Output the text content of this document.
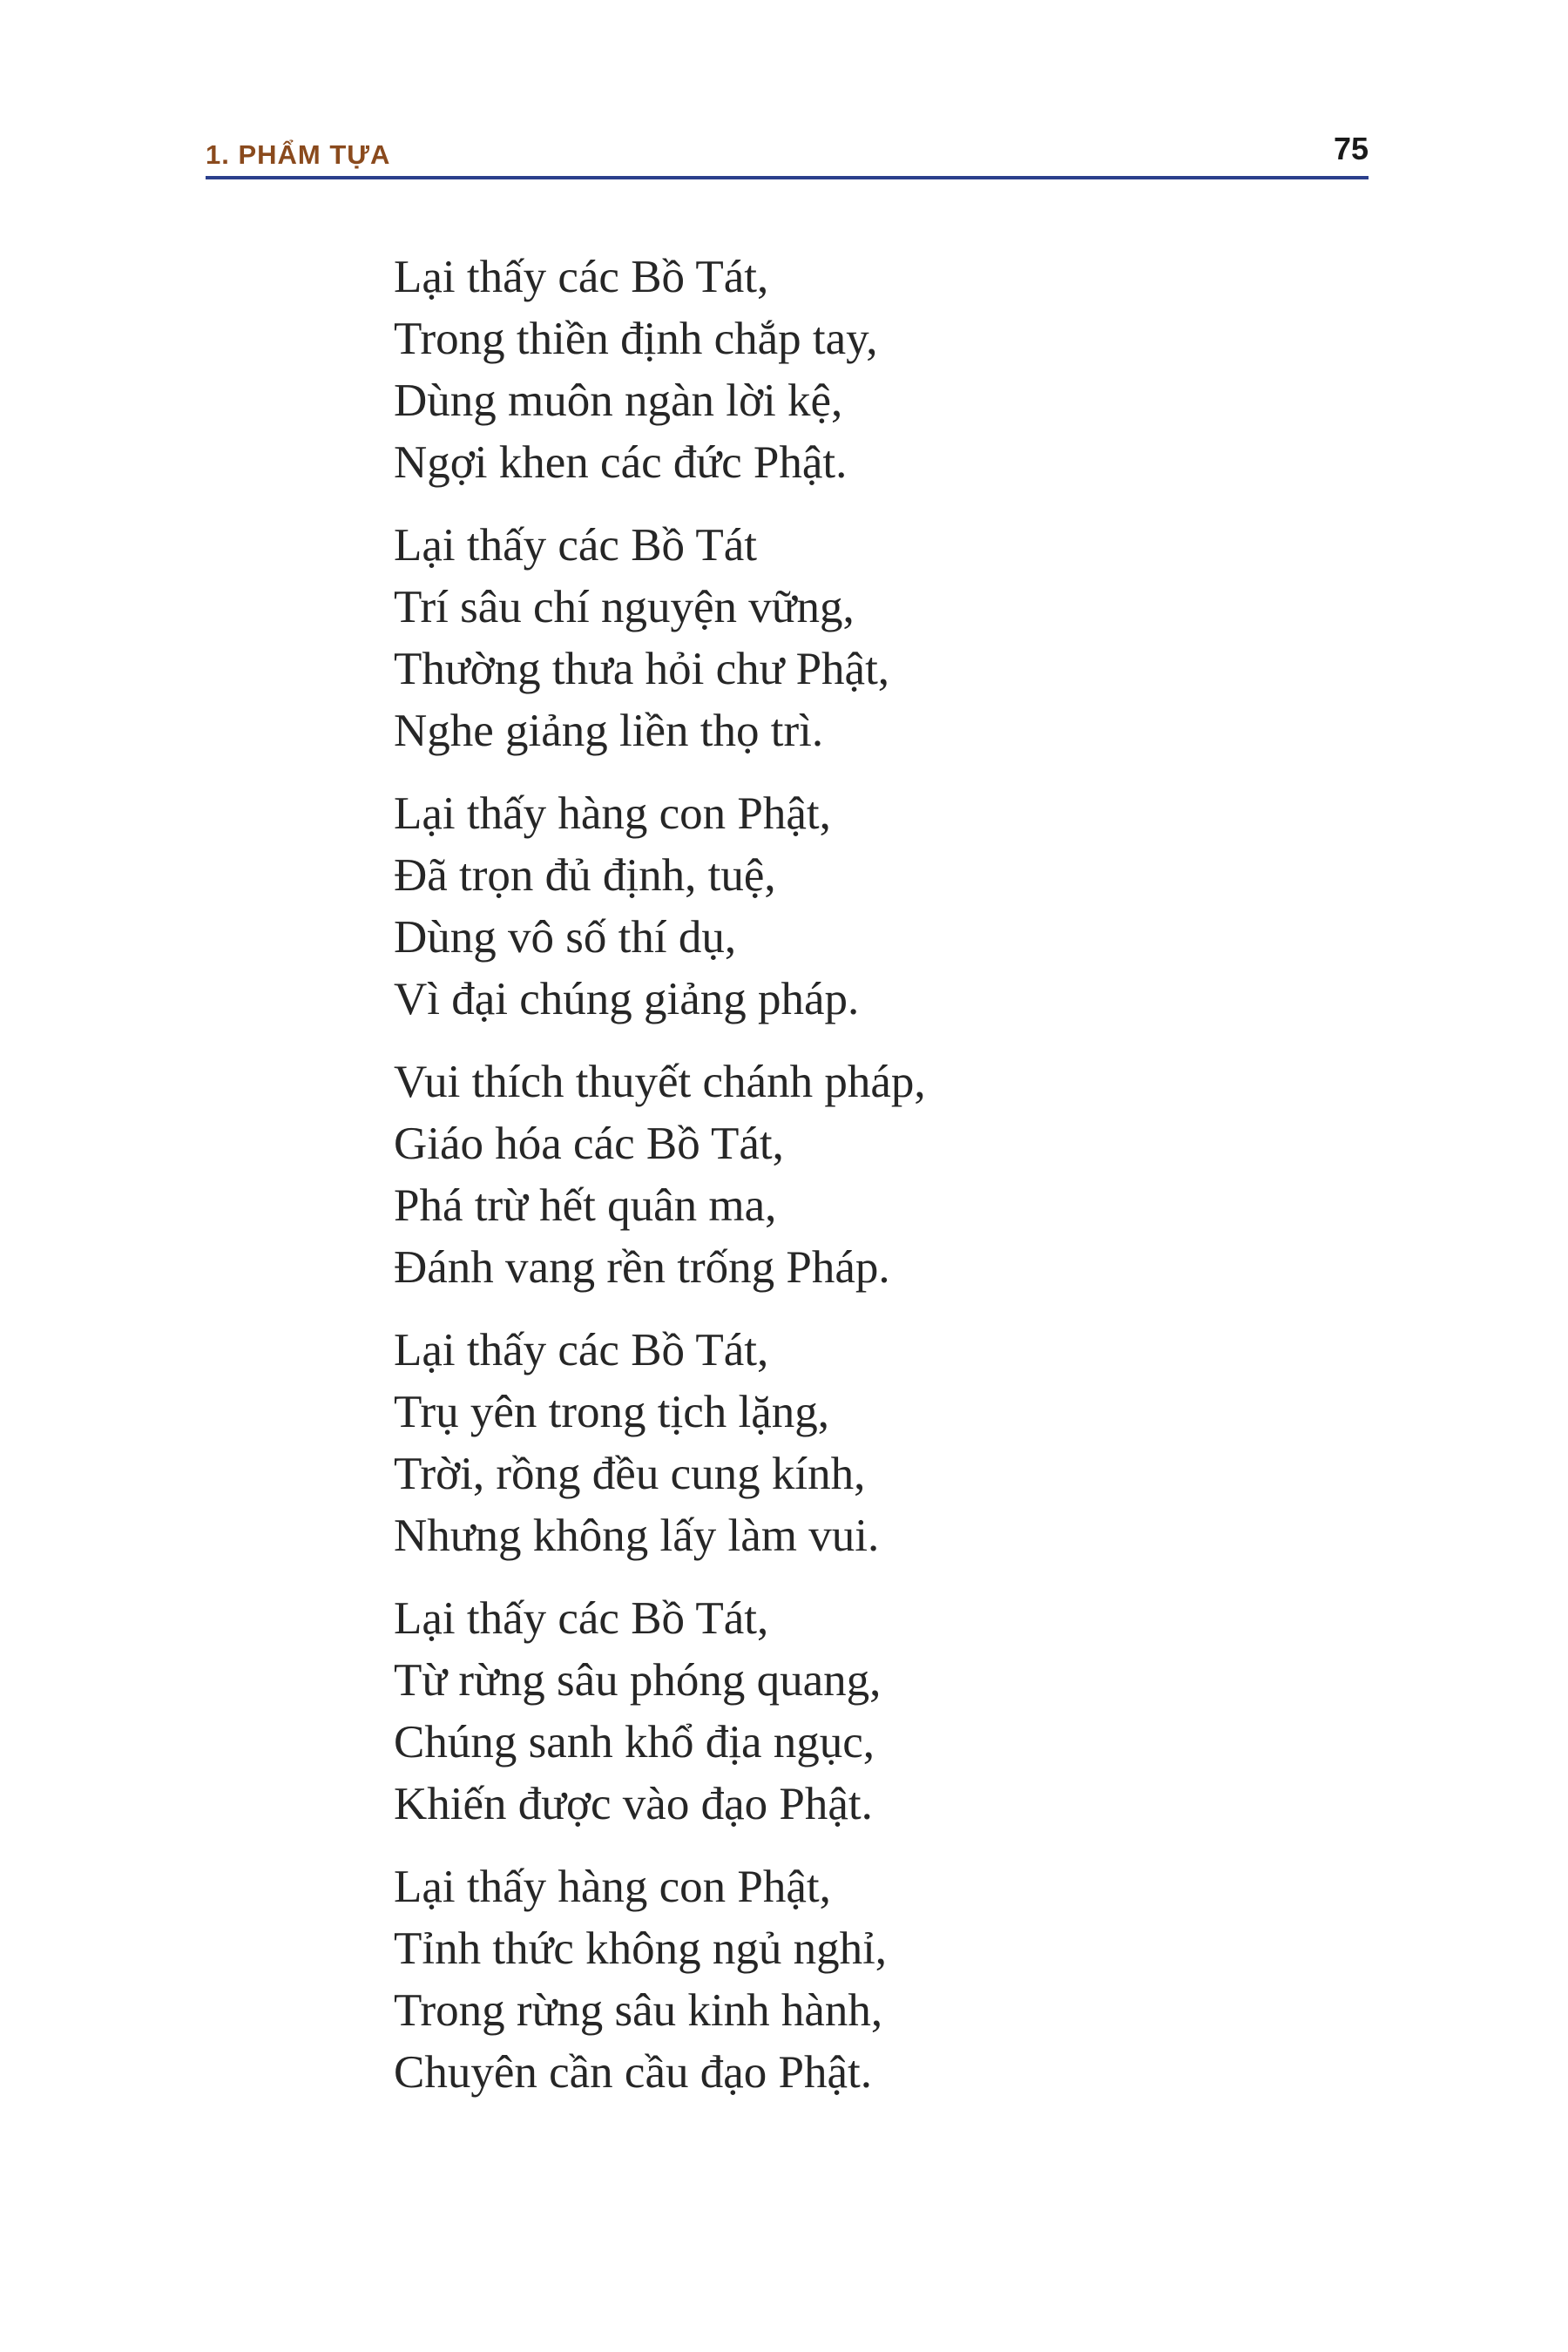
1. PHẨM TỰA	75
Lại thấy các Bồ Tát,
Trong thiền định chắp tay,
Dùng muôn ngàn lời kệ,
Ngợi khen các đức Phật.
Lại thấy các Bồ Tát
Trí sâu chí nguyện vững,
Thường thưa hỏi chư Phật,
Nghe giảng liền thọ trì.
Lại thấy hàng con Phật,
Đã trọn đủ định, tuệ,
Dùng vô số thí dụ,
Vì đại chúng giảng pháp.
Vui thích thuyết chánh pháp,
Giáo hóa các Bồ Tát,
Phá trừ hết quân ma,
Đánh vang rền trống Pháp.
Lại thấy các Bồ Tát,
Trụ yên trong tịch lặng,
Trời, rồng đều cung kính,
Nhưng không lấy làm vui.
Lại thấy các Bồ Tát,
Từ rừng sâu phóng quang,
Chúng sanh khổ địa ngục,
Khiến được vào đạo Phật.
Lại thấy hàng con Phật,
Tỉnh thức không ngủ nghỉ,
Trong rừng sâu kinh hành,
Chuyên cần cầu đạo Phật.
